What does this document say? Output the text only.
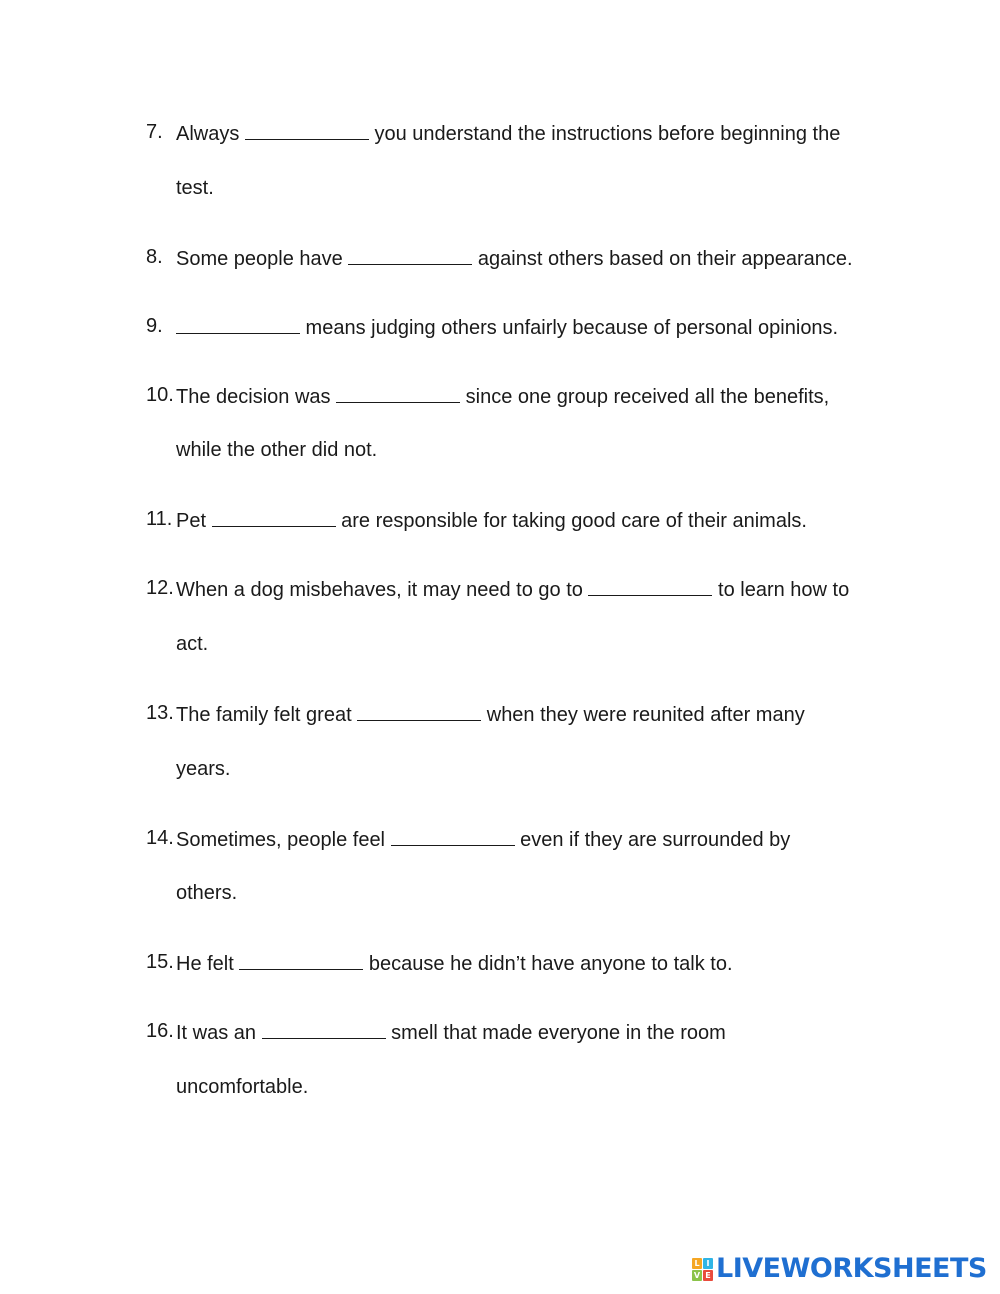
7. Always	you understand the instructions before beginning the
test.
8. Some people have	against others based on their appearance.
9.	means judging others unfairly because of personal opinions.
10. The decision was	since one group received all the benefits,
while the other did not.
11. Pet	are responsible for taking good care of their animals.
12. When a dog misbehaves, it may need to go to	to learn how to
act.
13. The family felt great	when they were reunited after many
years.
14. Sometimes, people feel	even if they are surrounded by
others.
15. He felt	because he didn’t have anyone to talk to.
16. It was an	smell that made everyone in the room
uncomfortable.
L I
V E LIVEWORKSHEETS
